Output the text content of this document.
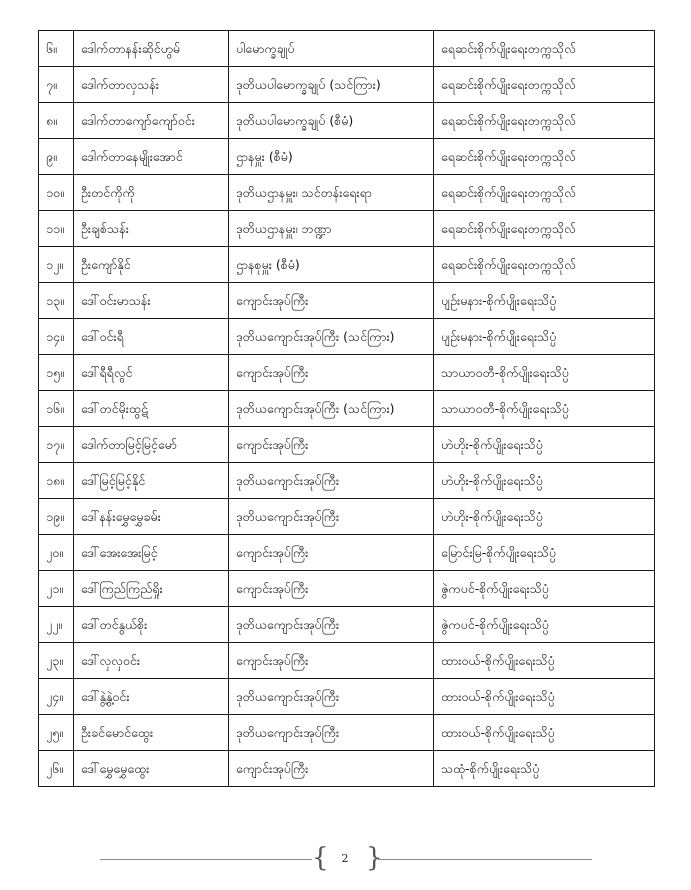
၆။	ဒေါက်တာနန်းဆိုင်ဟွမ်	ပါမောက္ခချုပ်	ရေဆင်းစိုက်ပျိုးရေးတက္ကသိုလ်
၇။	ဒေါက်တာလှသန်း	ဒုတိယပါမောက္ခချုပ် (သင်ကြား)	ရေဆင်းစိုက်ပျိုးရေးတက္ကသိုလ်
၈။	ဒေါက်တာကျော်ကျော်ဝင်း	ဒုတိယပါမောက္ခချုပ် (စီမံ)	ရေဆင်းစိုက်ပျိုးရေးတက္ကသိုလ်
၉။	ဒေါက်တာနေမျိုးအောင်	ဌာနမှူး (စီမံ)	ရေဆင်းစိုက်ပျိုးရေးတက္ကသိုလ်
၁၀။	ဦးတင်ကိုကို	ဒုတိယဌာနမှူး၊ သင်တန်းရေးရာ	ရေဆင်းစိုက်ပျိုးရေးတက္ကသိုလ်
၁၁။	ဦးချစ်သန်း	ဒုတိယဌာနမှူး၊ ဘဏ္ဍာ	ရေဆင်းစိုက်ပျိုးရေးတက္ကသိုလ်
၁၂။	ဦးကျော်နိုင်	ဌာနစုမှူး (စီမံ)	ရေဆင်းစိုက်ပျိုးရေးတက္ကသိုလ်
၁၃။	ဒေါ်ဝင်းမာသန်း	ကျောင်းအုပ်ကြီး	ပျဉ်းမနား-စိုက်ပျိုးရေးသိပ္ပံ
၁၄။	ဒေါ်ဝင်းရီ	ဒုတိယကျောင်းအုပ်ကြီး (သင်ကြား)	ပျဉ်းမနား-စိုက်ပျိုးရေးသိပ္ပံ
၁၅။	ဒေါ်ရီရီလွင်	ကျောင်းအုပ်ကြီး	သာယာဝတီ-စိုက်ပျိုးရေးသိပ္ပံ
၁၆။	ဒေါ်တင်မိုးထွဋ်	ဒုတိယကျောင်းအုပ်ကြီး (သင်ကြား)	သာယာဝတီ-စိုက်ပျိုးရေးသိပ္ပံ
၁၇။	ဒေါက်တာမြင့်မြင့်မော်	ကျောင်းအုပ်ကြီး	ဟဲဟိုး-စိုက်ပျိုးရေးသိပ္ပံ
၁၈။	ဒေါ်မြင့်မြင့်နိုင်	ဒုတိယကျောင်းအုပ်ကြီး	ဟဲဟိုး-စိုက်ပျိုးရေးသိပ္ပံ
၁၉။	ဒေါ်နန်းမွှေမွှေခမ်း	ဒုတိယကျောင်းအုပ်ကြီး	ဟဲဟိုး-စိုက်ပျိုးရေးသိပ္ပံ
၂၀။	ဒေါ်အေးအေးမြင့်	ကျောင်းအုပ်ကြီး	မြောင်းမြ-စိုက်ပျိုးရေးသိပ္ပံ
၂၁။	ဒေါ်ကြည်ကြည်ရှိုး	ကျောင်းအုပ်ကြီး	ဇွဲကပင်-စိုက်ပျိုးရေးသိပ္ပံ
၂၂။	ဒေါ်တင်နွယ်စိုး	ဒုတိယကျောင်းအုပ်ကြီး	ဇွဲကပင်-စိုက်ပျိုးရေးသိပ္ပံ
၂၃။	ဒေါ်လှလှဝင်း	ကျောင်းအုပ်ကြီး	ထားဝယ်-စိုက်ပျိုးရေးသိပ္ပံ
၂၄။	ဒေါ်နွဲ့နွဲ့ဝင်း	ဒုတိယကျောင်းအုပ်ကြီး	ထားဝယ်-စိုက်ပျိုးရေးသိပ္ပံ
၂၅။	ဦးခင်မောင်ထွေး	ဒုတိယကျောင်းအုပ်ကြီး	ထားဝယ်-စိုက်ပျိုးရေးသိပ္ပံ
၂၆။	ဒေါ်မွှေမွှေထွေး	ကျောင်းအုပ်ကြီး	သထုံ-စိုက်ပျိုးရေးသိပ္ပံ
{	2 }
